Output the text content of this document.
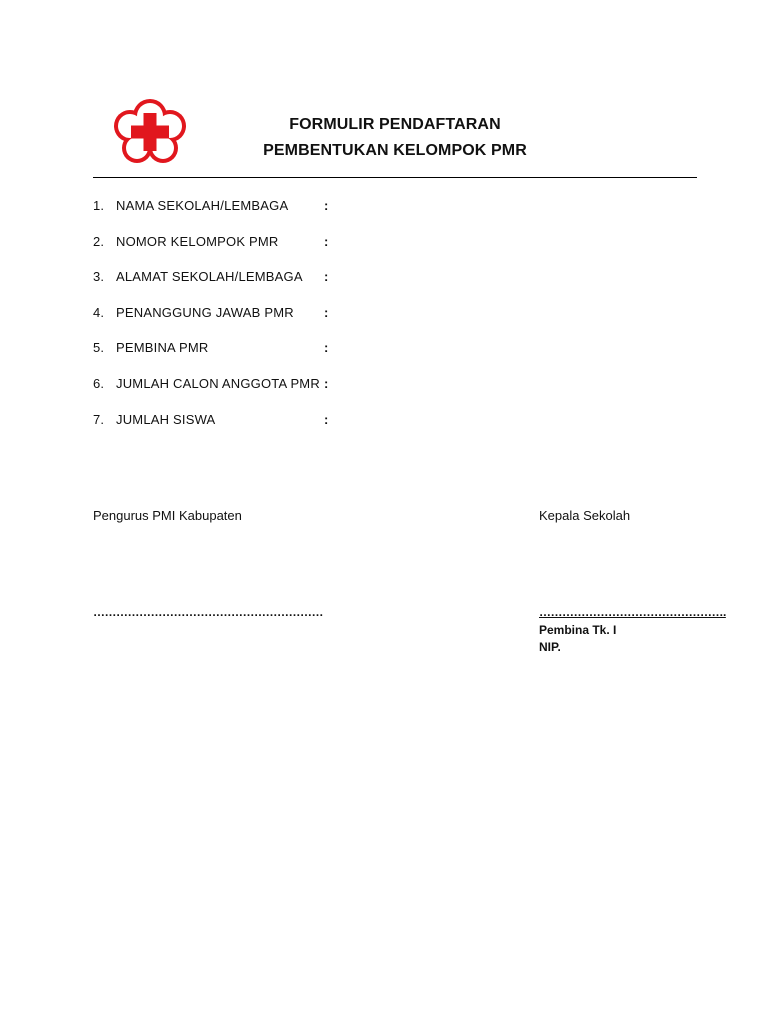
FORMULIR PENDAFTARAN
PEMBENTUKAN KELOMPOK PMR
1. NAMA SEKOLAH/LEMBAGA	:
2. NOMOR KELOMPOK PMR	:
3. ALAMAT SEKOLAH/LEMBAGA :
4. PENANGGUNG JAWAB PMR :
5. PEMBINA PMR	:
6. JUMLAH CALON ANGGOTA PMR :
7. JUMLAH SISWA	:
Pengurus PMI Kabupaten	Kepala Sekolah
……………………………………………………	………………………………………….
Pembina Tk. I
NIP.
